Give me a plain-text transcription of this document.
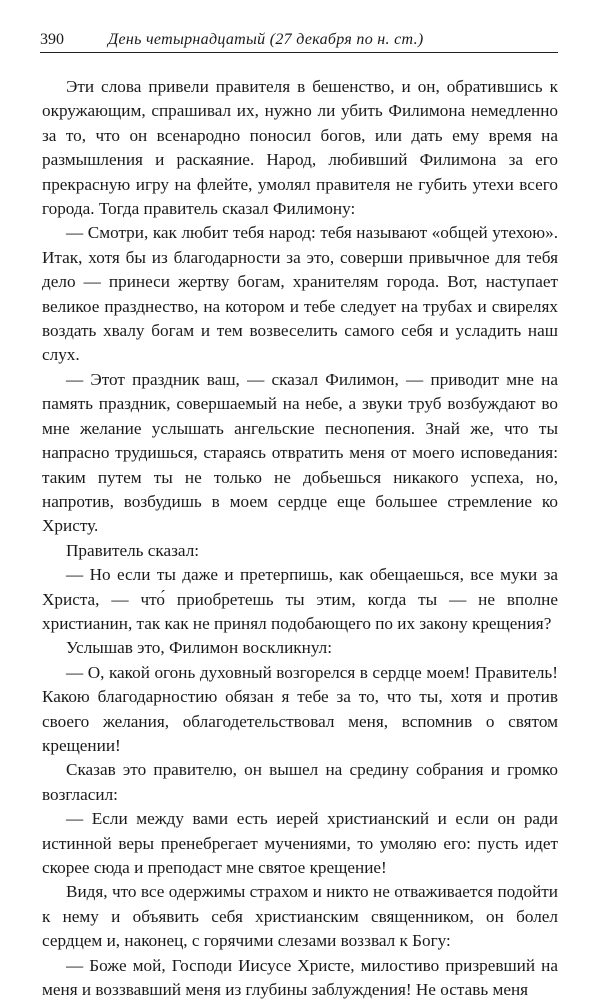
390	День четырнадцатый (27 декабря по н. ст.)

Эти слова привели правителя в бешенство, и он, обратившись к окружающим, спрашивал их, нужно ли убить Филимона немедленно за то, что он всенародно поносил богов, или дать ему время на размышления и раскаяние. Народ, любивший Филимона за его прекрасную игру на флейте, умолял правителя не губить утехи всего города. Тогда правитель сказал Филимону:

— Смотри, как любит тебя народ: тебя называют «общей утехою». Итак, хотя бы из благодарности за это, соверши привычное для тебя дело — принеси жертву богам, хранителям города. Вот, наступает великое празднество, на котором и тебе следует на трубах и свирелях воздать хвалу богам и тем возвеселить самого себя и усладить наш слух.

— Этот праздник ваш, — сказал Филимон, — приводит мне на память праздник, совершаемый на небе, а звуки труб возбуждают во мне желание услышать ангельские песнопения. Знай же, что ты напрасно трудишься, стараясь отвратить меня от моего исповедания: таким путем ты не только не добьешься никакого успеха, но, напротив, возбудишь в моем сердце еще большее стремление ко Христу.

Правитель сказал:

— Но если ты даже и претерпишь, как обещаешься, все муки за Христа, — что́ приобретешь ты этим, когда ты — не вполне христианин, так как не принял подобающего по их закону крещения?

Услышав это, Филимон воскликнул:

— О, какой огонь духовный возгорелся в сердце моем! Правитель! Какою благодарностию обязан я тебе за то, что ты, хотя и против своего желания, облагодетельствовал меня, вспомнив о святом крещении!

Сказав это правителю, он вышел на средину собрания и громко возгласил:

— Если между вами есть иерей христианский и если он ради истинной веры пренебрегает мучениями, то умоляю его: пусть идет скорее сюда и преподаст мне святое крещение!

Видя, что все одержимы страхом и никто не отваживается подойти к нему и объявить себя христианским священником, он болел сердцем и, наконец, с горячими слезами воззвал к Богу:

— Боже мой, Господи Иисусе Христе, милостиво призревший на меня и воззвавший меня из глубины заблуждения! Не оставь меня
